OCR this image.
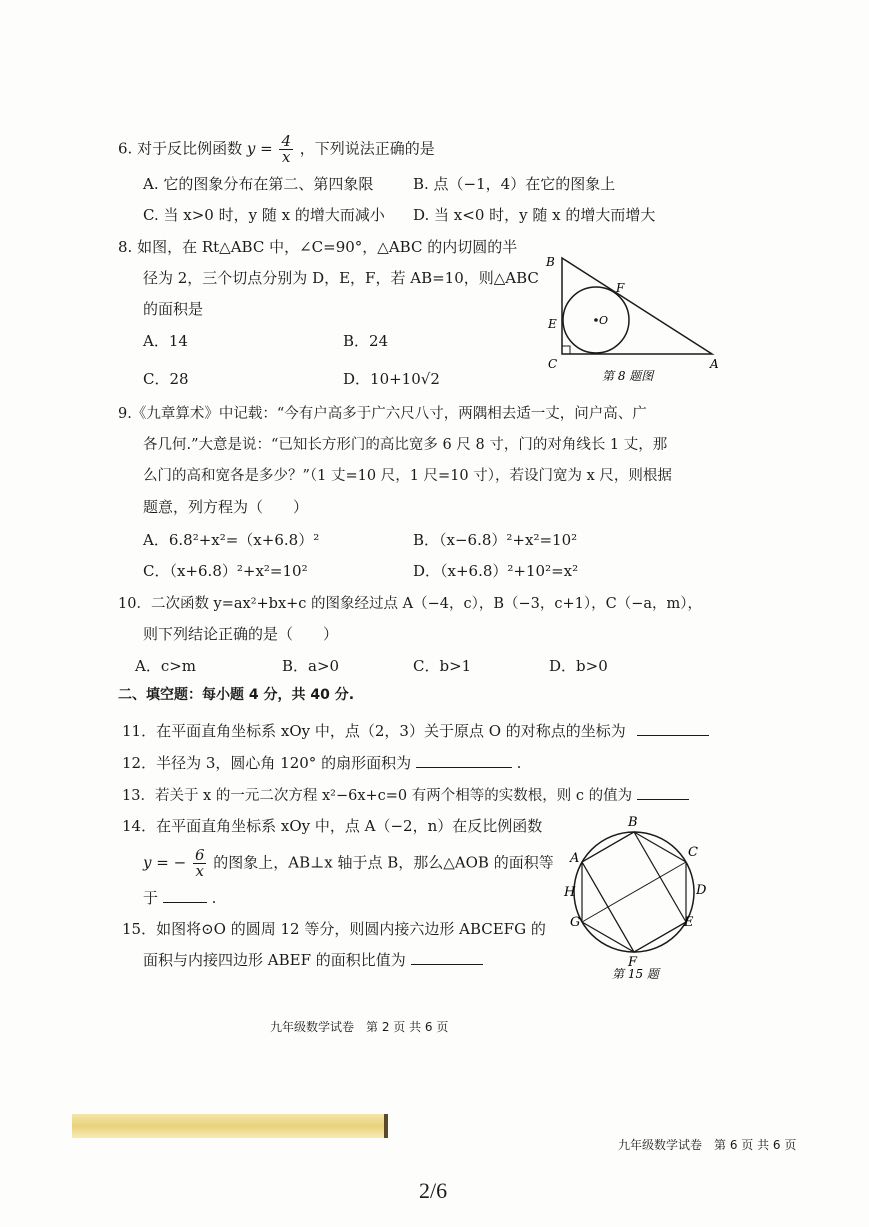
6. 对于反比例函数 $y = \frac{4}{x}$ ，下列说法正确的是
A. 它的图象分布在第二、第四象限	B. 点（−1，4）在它的图象上
C. 当 x>0 时，y 随 x 的增大而减小 D. 当 x<0 时，y 随 x 的增大而增大
8. 如图，在 Rt△ABC 中，∠C=90°，△ABC 的内切圆的半
径为 2，三个切点分别为 D，E，F，若 AB=10，则△ABC
的面积是
A．14	B．24
C．28	D．10+10√2
B
F
E	O
C	A
第 8 题图
9.《九章算术》中记载：“今有户高多于广六尺八寸，两隅相去适一丈，问户高、广
各几何.”大意是说：“已知长方形门的高比宽多 6 尺 8 寸，门的对角线长 1 丈，那
么门的高和宽各是多少？”（1 丈=10 尺，1 尺=10 寸），若设门宽为 x 尺，则根据
题意，列方程为（　　）
A．6.8²+x²=（x+6.8）²	B．（x−6.8）²+x²=10²
C．（x+6.8）²+x²=10²	D．（x+6.8）²+10²=x²
10．二次函数 y=ax²+bx+c 的图象经过点 A（−4，c），B（−3，c+1），C（−a，m），
则下列结论正确的是（　　）
A．c>m	B．a>0	C．b>1	D．b>0
二、填空题：每小题 4 分，共 40 分.
11．在平面直角坐标系 xOy 中，点（2，3）关于原点 O 的对称点的坐标为
12．半径为 3，圆心角 120° 的扇形面积为	.
13．若关于 x 的一元二次方程 x²−6x+c=0 有两个相等的实数根，则 c 的值为
14．在平面直角坐标系 xOy 中，点 A（−2，n）在反比例函数
y = − $\frac{6}{x}$ 的图象上，AB⊥x 轴于点 B，那么△AOB 的面积等
于	.
15．如图将⊙O 的圆周 12 等分，则圆内接六边形 ABCEFG 的
面积与内接四边形 ABEF 的面积比值为
A
B
C
D
E
F
G
H
第 15 题
九年级数学试卷　第 2 页 共 6 页
九年级数学试卷　第 6 页 共 6 页
2/6
